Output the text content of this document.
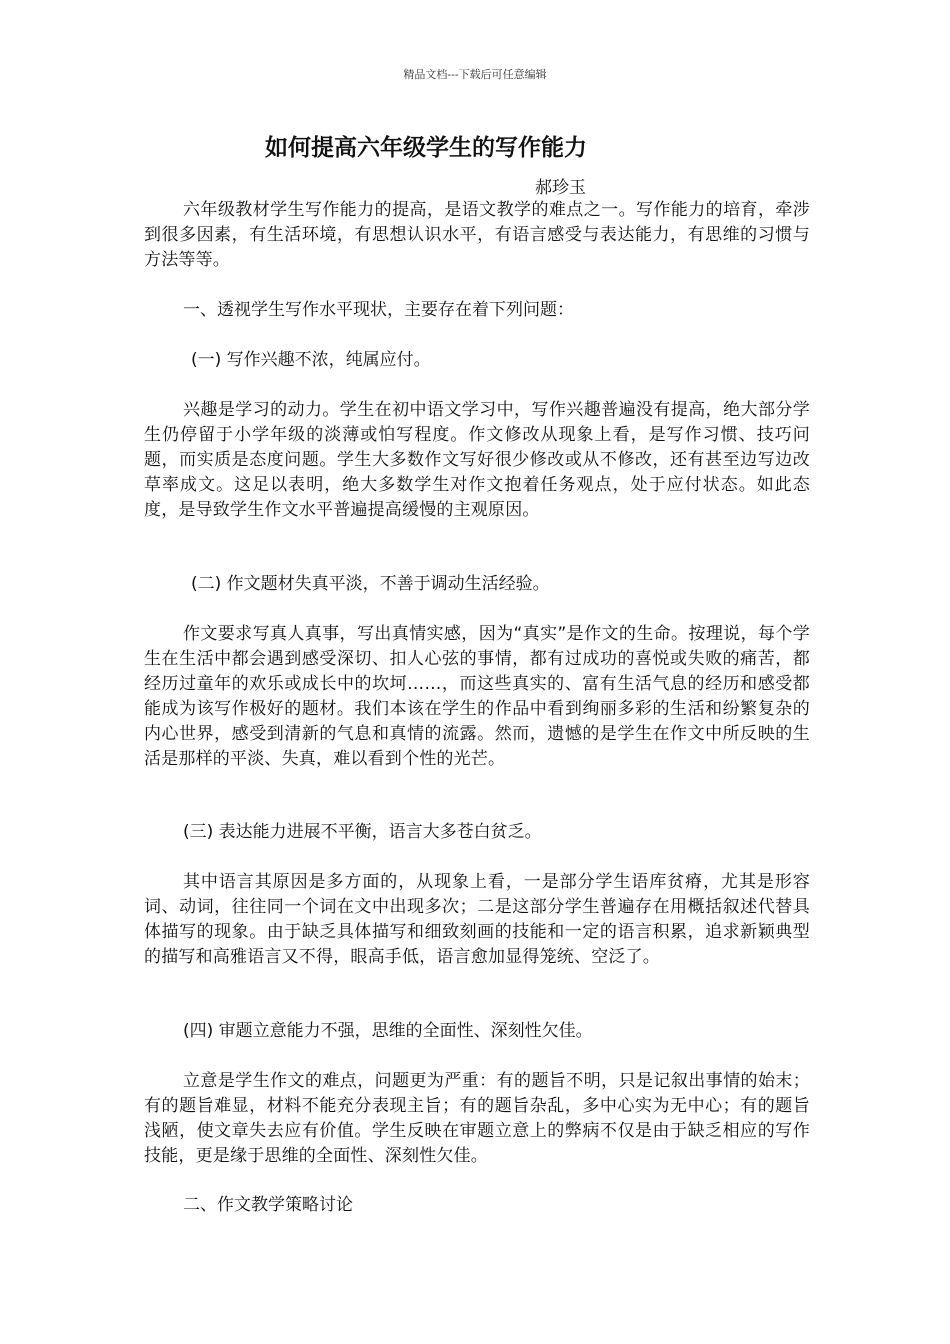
精品文档---下载后可任意编辑
如何提高六年级学生的写作能力
郝珍玉

六年级教材学生写作能力的提高，是语文教学的难点之一。写作能力的培育，牵涉到很多因素，有生活环境，有思想认识水平，有语言感受与表达能力，有思维的习惯与方法等等。

一、透视学生写作水平现状，主要存在着下列问题：

(一) 写作兴趣不浓，纯属应付。

兴趣是学习的动力。学生在初中语文学习中，写作兴趣普遍没有提高，绝大部分学生仍停留于小学年级的淡薄或怕写程度。作文修改从现象上看，是写作习惯、技巧问题，而实质是态度问题。学生大多数作文写好很少修改或从不修改，还有甚至边写边改草率成文。这足以表明，绝大多数学生对作文抱着任务观点，处于应付状态。如此态度，是导致学生作文水平普遍提高缓慢的主观原因。

(二) 作文题材失真平淡，不善于调动生活经验。

作文要求写真人真事，写出真情实感，因为“真实”是作文的生命。按理说，每个学生在生活中都会遇到感受深切、扣人心弦的事情，都有过成功的喜悦或失败的痛苦，都经历过童年的欢乐或成长中的坎坷……，而这些真实的、富有生活气息的经历和感受都能成为该写作极好的题材。我们本该在学生的作品中看到绚丽多彩的生活和纷繁复杂的内心世界，感受到清新的气息和真情的流露。然而，遗憾的是学生在作文中所反映的生活是那样的平淡、失真，难以看到个性的光芒。

(三) 表达能力进展不平衡，语言大多苍白贫乏。

其中语言其原因是多方面的，从现象上看，一是部分学生语库贫瘠，尤其是形容词、动词，往往同一个词在文中出现多次；二是这部分学生普遍存在用概括叙述代替具体描写的现象。由于缺乏具体描写和细致刻画的技能和一定的语言积累，追求新颖典型的描写和高雅语言又不得，眼高手低，语言愈加显得笼统、空泛了。

(四) 审题立意能力不强，思维的全面性、深刻性欠佳。

立意是学生作文的难点，问题更为严重：有的题旨不明，只是记叙出事情的始末；有的题旨难显，材料不能充分表现主旨；有的题旨杂乱，多中心实为无中心；有的题旨浅陋，使文章失去应有价值。学生反映在审题立意上的弊病不仅是由于缺乏相应的写作技能，更是缘于思维的全面性、深刻性欠佳。

二、作文教学策略讨论
